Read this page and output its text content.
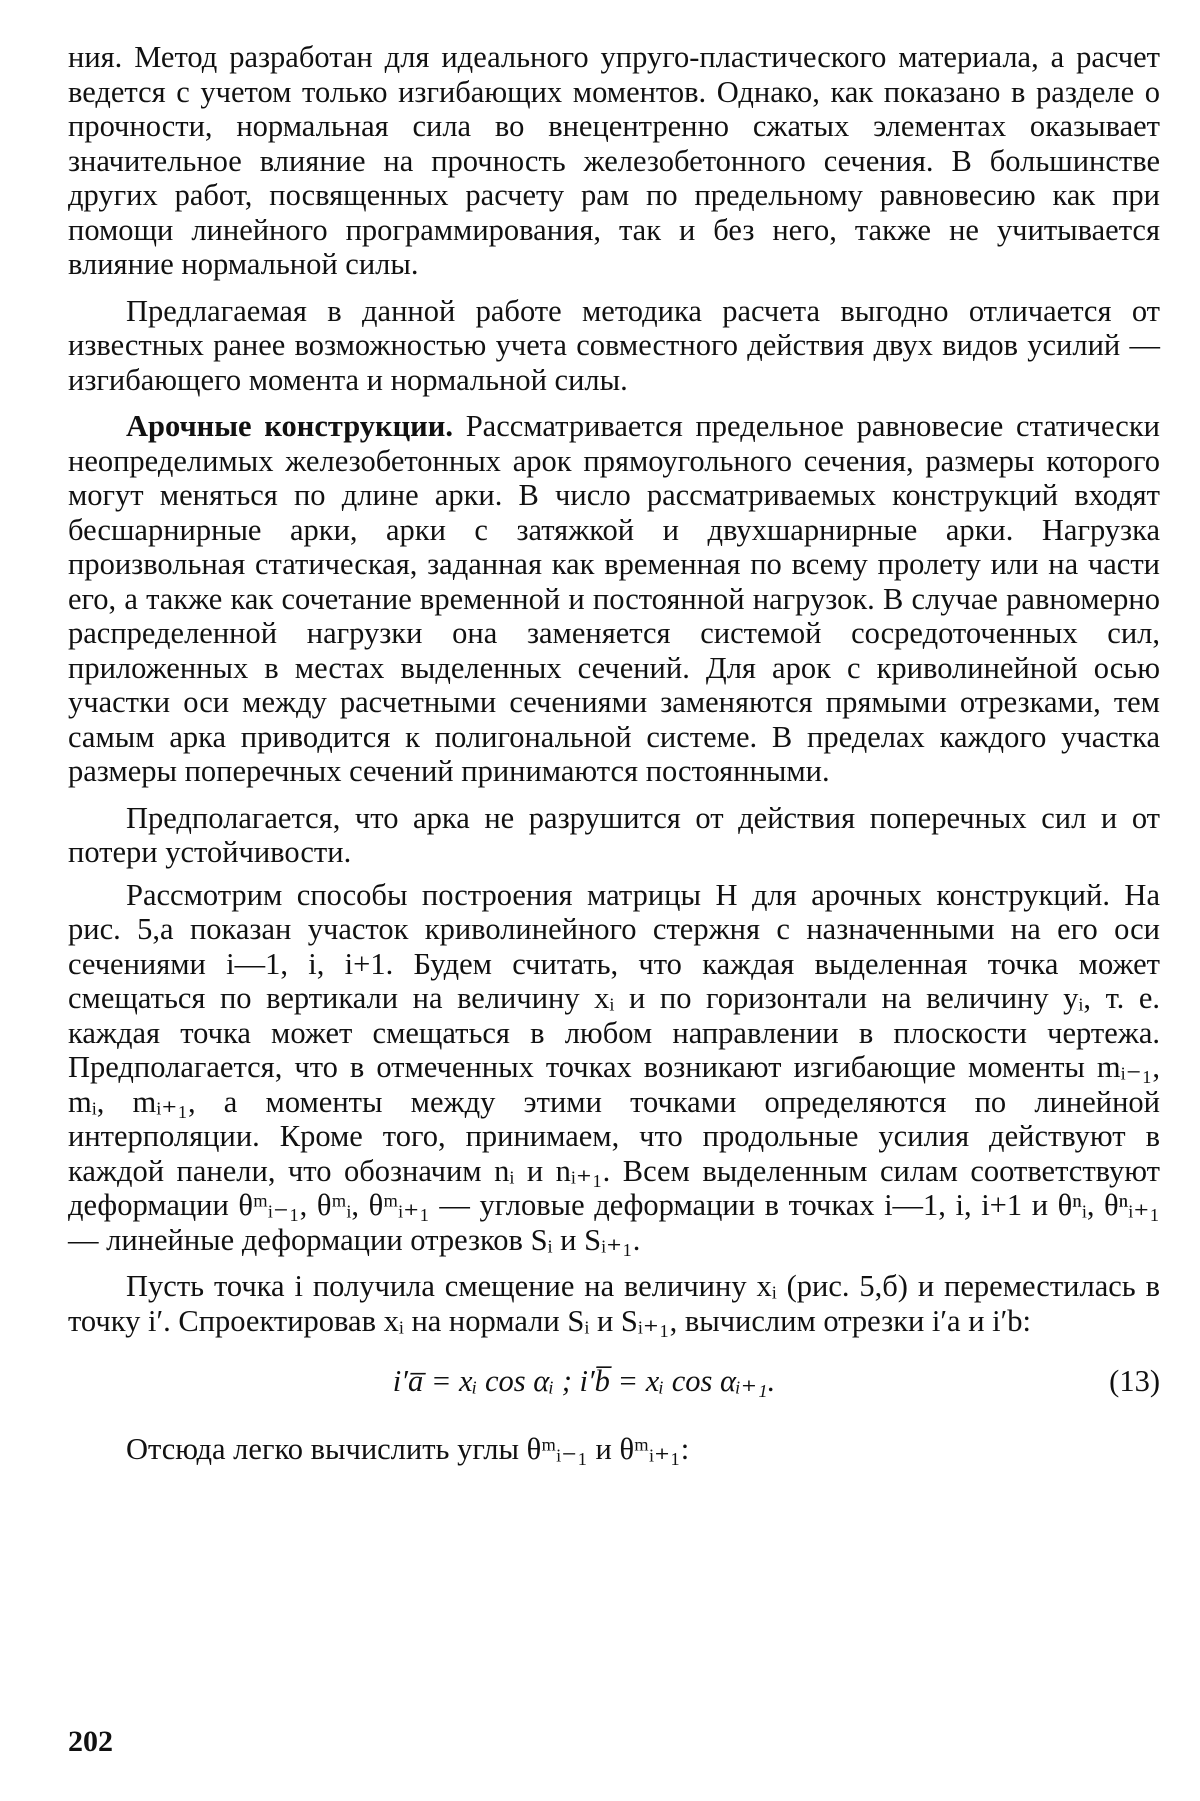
ния. Метод разработан для идеального упруго-пластического материала, а расчет ведется с учетом только изгибающих моментов. Однако, как показано в разделе о прочности, нормальная сила во внецентренно сжатых элементах оказывает значительное влияние на прочность железобетонного сечения. В большинстве других работ, посвященных расчету рам по предельному равновесию как при помощи линейного программирования, так и без него, также не учитывается влияние нормальной силы.

Предлагаемая в данной работе методика расчета выгодно отличается от известных ранее возможностью учета совместного действия двух видов усилий — изгибающего момента и нормальной силы.

Арочные конструкции. Рассматривается предельное равновесие статически неопределимых железобетонных арок прямоугольного сечения, размеры которого могут меняться по длине арки. В число рассматриваемых конструкций входят бесшарнирные арки, арки с затяжкой и двухшарнирные арки. Нагрузка произвольная статическая, заданная как временная по всему пролету или на части его, а также как сочетание временной и постоянной нагрузок. В случае равномерно распределенной нагрузки она заменяется системой сосредоточенных сил, приложенных в местах выделенных сечений. Для арок с криволинейной осью участки оси между расчетными сечениями заменяются прямыми отрезками, тем самым арка приводится к полигональной системе. В пределах каждого участка размеры поперечных сечений принимаются постоянными.

Предполагается, что арка не разрушится от действия поперечных сил и от потери устойчивости.

Рассмотрим способы построения матрицы H для арочных конструкций. На рис. 5,а показан участок криволинейного стержня с назначенными на его оси сечениями i—1, i, i+1. Будем считать, что каждая выделенная точка может смещаться по вертикали на величину xᵢ и по горизонтали на величину yᵢ, т. е. каждая точка может смещаться в любом направлении в плоскости чертежа. Предполагается, что в отмеченных точках возникают изгибающие моменты mᵢ₋₁, mᵢ, mᵢ₊₁, а моменты между этими точками определяются по линейной интерполяции. Кроме того, принимаем, что продольные усилия действуют в каждой панели, что обозначим nᵢ и nᵢ₊₁. Всем выделенным силам соответствуют деформации θᵐᵢ₋₁, θᵐᵢ, θᵐᵢ₊₁ — угловые деформации в точках i—1, i, i+1 и θⁿᵢ, θⁿᵢ₊₁ — линейные деформации отрезков Sᵢ и Sᵢ₊₁.

Пусть точка i получила смещение на величину xᵢ (рис. 5,б) и переместилась в точку i′. Спроектировав xᵢ на нормали Sᵢ и Sᵢ₊₁, вычислим отрезки i′a и i′b:

i′a̅ = xᵢ cos αᵢ ; i′b̅ = xᵢ cos αᵢ₊₁.	(13)

Отсюда легко вычислить углы θᵐᵢ₋₁ и θᵐᵢ₊₁:

202
